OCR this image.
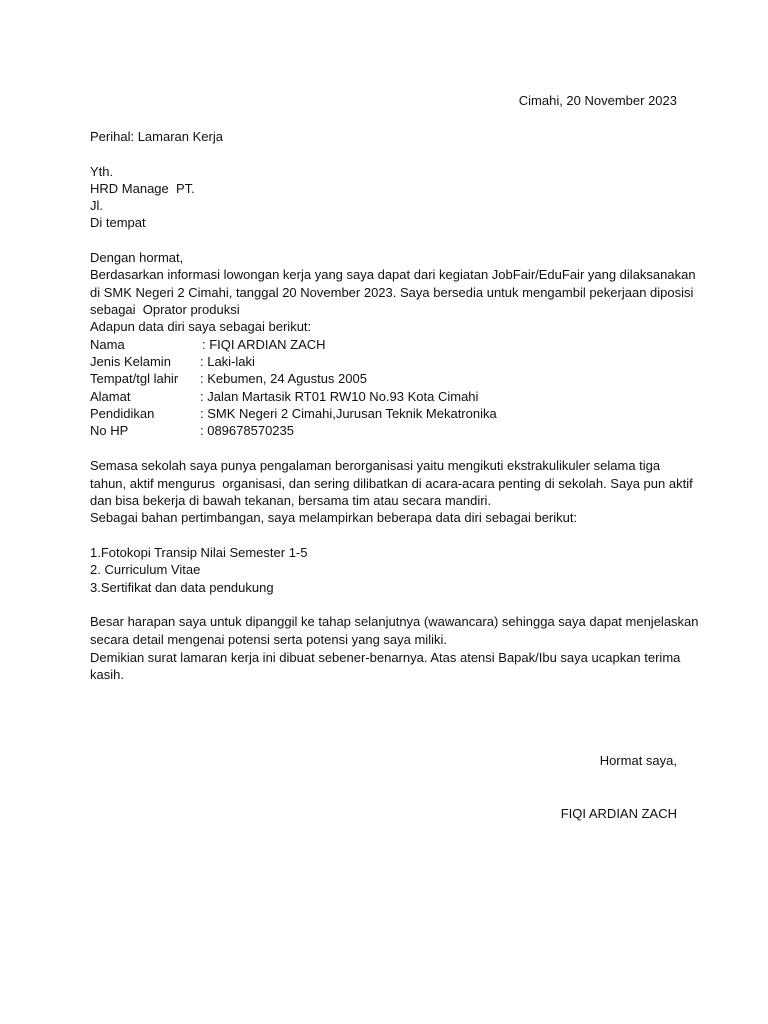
Cimahi, 20 November 2023
Perihal: Lamaran Kerja
Yth.
HRD Manage  PT.
Jl.
Di tempat
Dengan hormat,
Berdasarkan informasi lowongan kerja yang saya dapat dari kegiatan JobFair/EduFair yang dilaksanakan
di SMK Negeri 2 Cimahi, tanggal 20 November 2023. Saya bersedia untuk mengambil pekerjaan diposisi
sebagai  Oprator produksi
Adapun data diri saya sebagai berikut:

Nama

	: FIQI ARDIAN ZACH

Jenis Kelamin

: Laki-laki

Tempat/tgl lahir

: Kebumen, 24 Agustus 2005

Alamat

	: Jalan Martasik RT01 RW10 No.93 Kota Cimahi

Pendidikan

	: SMK Negeri 2 Cimahi,Jurusan Teknik Mekatronika

No HP

	: 089678570235

Semasa sekolah saya punya pengalaman berorganisasi yaitu mengikuti ekstrakulikuler selama tiga
tahun, aktif mengurus  organisasi, dan sering dilibatkan di acara-acara penting di sekolah. Saya pun aktif
dan bisa bekerja di bawah tekanan, bersama tim atau secara mandiri.
Sebagai bahan pertimbangan, saya melampirkan beberapa data diri sebagai berikut:
1.Fotokopi Transip Nilai Semester 1-5
2. Curriculum Vitae
3.Sertifikat dan data pendukung
Besar harapan saya untuk dipanggil ke tahap selanjutnya (wawancara) sehingga saya dapat menjelaskan
secara detail mengenai potensi serta potensi yang saya miliki.
Demikian surat lamaran kerja ini dibuat sebener-benarnya. Atas atensi Bapak/Ibu saya ucapkan terima
kasih.
Hormat saya,
FIQI ARDIAN ZACH
